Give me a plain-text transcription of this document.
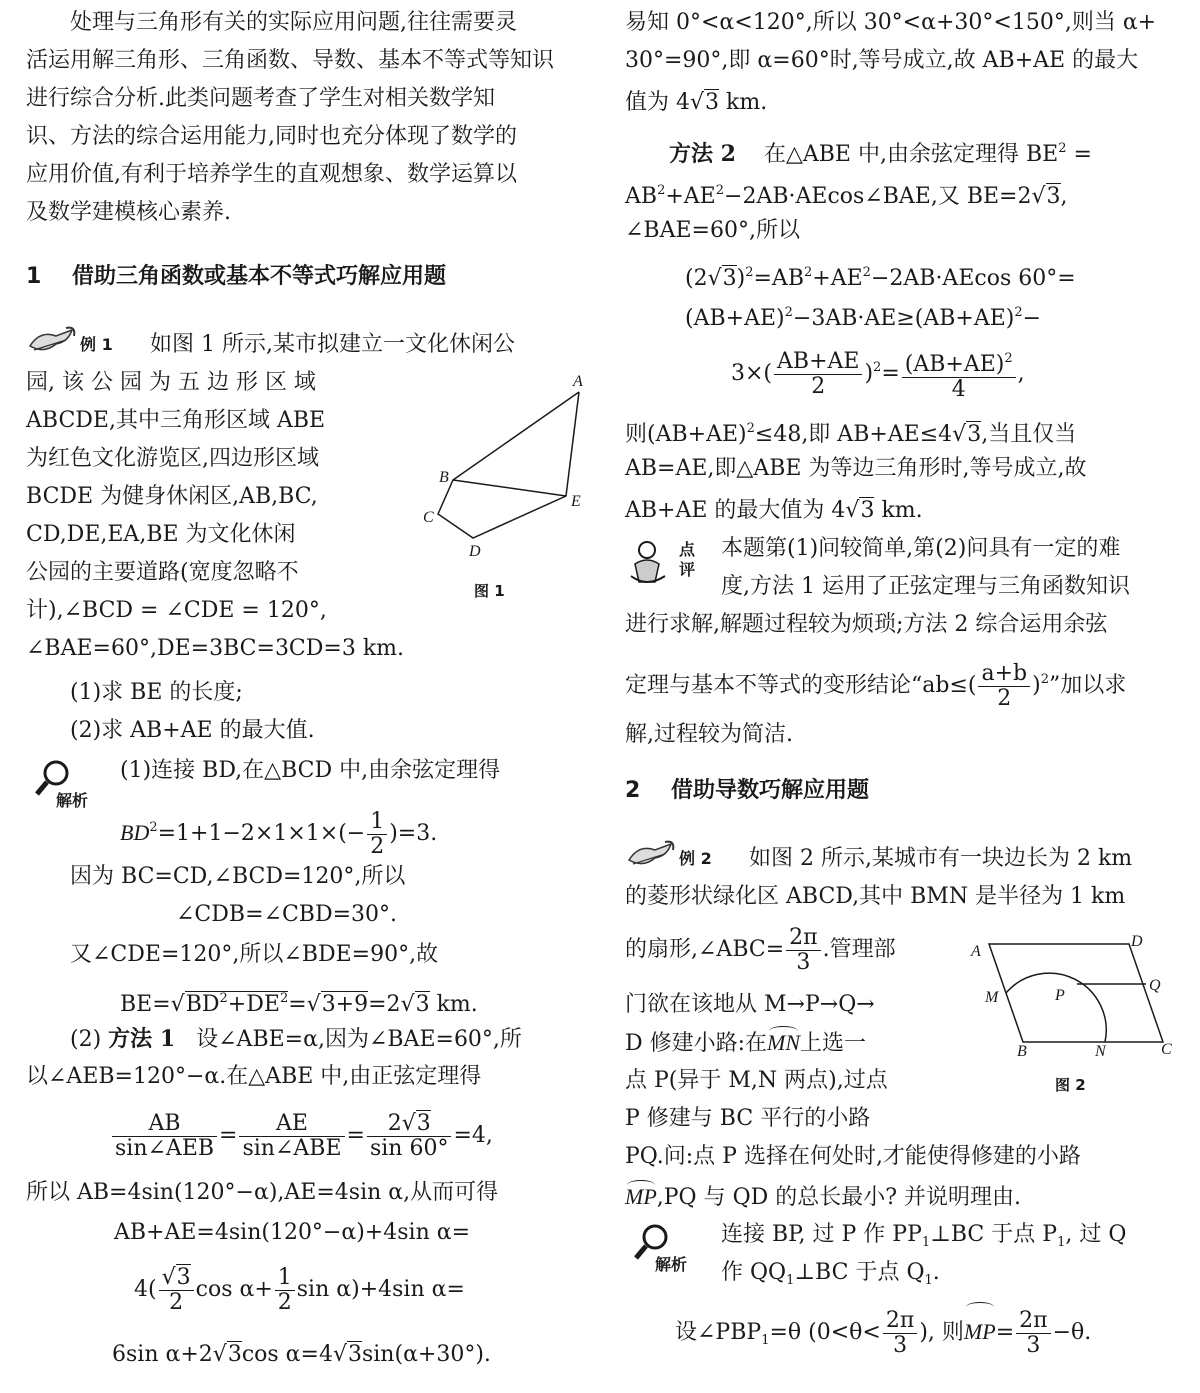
处理与三角形有关的实际应用问题,往往需要灵
活运用解三角形、三角函数、导数、基本不等式等知识
进行综合分析.此类问题考查了学生对相关数学知
识、方法的综合运用能力,同时也充分体现了数学的
应用价值,有利于培养学生的直观想象、数学运算以
及数学建模核心素养.
1 借助三角函数或基本不等式巧解应用题
例 1 如图 1 所示,某市拟建立一文化休闲公
园, 该 公 园 为 五 边 形 区 域
ABCDE,其中三角形区域 ABE
为红色文化游览区,四边形区域
BCDE 为健身休闲区,AB,BC,
CD,DE,EA,BE 为文化休闲
公园的主要道路(宽度忽略不
计),∠BCD = ∠CDE = 120°,
∠BAE=60°,DE=3BC=3CD=3 km.
A
B
C
D
E
图 1
(1)求 BE 的长度;
(2)求 AB+AE 的最大值.
解析
(1)连接 BD,在△BCD 中,由余弦定理得
$BD^2=1+1-2\times 1\times 1\times(- \frac{1}{2} )=3$.
因为 BC=CD,∠BCD=120°,所以
∠CDB=∠CBD=30°.
又∠CDE=120°,所以∠BDE=90°,故
$BE=√BD^2+DE^2=√3+9=2√3$ km.
(2) 方法 1 设∠ABE=α,因为∠BAE=60°,所
以∠AEB=120°−α.在△ABE 中,由正弦定理得
$\frac{AB}{\text{sin∠AEB}} = \frac{AE}{\text{sin∠ABE}} = \frac{2√3}{\sin 60^\circ} =4$,
所以 AB=4sin(120°−α),AE=4sin α,从而可得
AB+AE=4sin(120°−α)+4sin α=
$4( \frac{√3}{2}$ $\cos \alpha+ \frac{1}{2}$ sin α)+4sin α=
6sin α+2√3cos α=4√3sin(α+30°).
易知 0°<α<120°,所以 30°<α+30°<150°,则当 α+
30°=90°,即 α=60°时,等号成立,故 AB+AE 的最大
值为 4√3 km.
方法 2 在△ABE 中,由余弦定理得 $BE^2$ =
$AB^2+AE^2-2AB\cdot AEcos\angle BAE$,又 BE=2√3,
∠BAE=60°,所以
$(2√3)^2=AB^2+AE^2-2AB\cdot AEcos$ 60°=
$(AB+AE)^2-3AB\cdot AE\ge(AB+AE)^2-$
$3\times( \frac{AB+AE}{2} )^2= \frac{(AB+AE)^2}{4}$ ,
则$(AB+AE)^2\le 48$,即 AB+AE≤4√3,当且仅当
AB=AE,即△ABE 为等边三角形时,等号成立,故
AB+AE 的最大值为 4√3 km.
点评
本题第(1)问较简单,第(2)问具有一定的难
度,方法 1 运用了正弦定理与三角函数知识
进行求解,解题过程较为烦琐;方法 2 综合运用余弦
定理与基本不等式的变形结论“$ab\le( \frac{a+b}{2} )^2$”加以求
解,过程较为简洁.
2 借助导数巧解应用题
例 2 如图 2 所示,某城市有一块边长为 2 km
的菱形状绿化区 ABCD,其中 BMN 是半径为 1 km
的扇形,∠ABC= $\frac{2\pi}{3}$ .管理部
门欲在该地从 M→P→Q→
D 修建小路:在MN上选一
点 P(异于 M,N 两点),过点
P 修建与 BC 平行的小路
PQ.问:点 P 选择在何处时,才能使得修建的小路
MP,PQ 与 QD 的总长最小? 并说明理由.
A
D
M	P
Q
B	N	C
图 2
解析
连接 BP, 过 P 作 $PP_1\perp BC$ 于点 $P_1$, 过 Q
作 $QQ_1\perp BC$ 于点 $Q_1$.
设$\angle PBP_1=\theta$ ($0<\theta< \frac{2\pi}{3}$ ), 则$MP= \frac{2\pi}{3} -\theta$.
